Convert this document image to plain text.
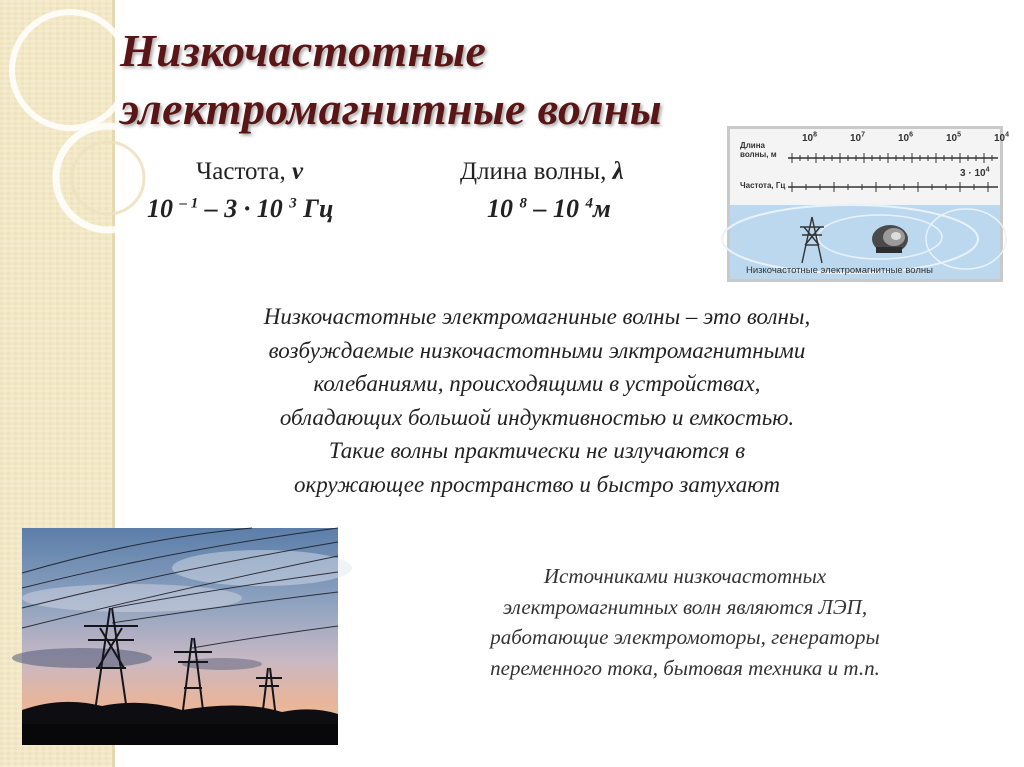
Низкочастотные
электромагнитные волны
Частота, ν
10 $^{- 1}$ – 3 · 10 $^3$ Гц
Длина волны, λ
10 $^8$ – 10 $^4$м
Длина
волны, м
Частота, Гц
$10^8$	$10^7$	$10^6$	$10^5$	$10^4$
$3 \cdot 10^4$
Низкочастотные электромагнитные волны
Низкочастотные электромагниные волны – это волны,
возбуждаемые низкочастотными элктромагнитными
колебаниями, происходящими в устройствах,
обладающих большой индуктивностью и емкостью.
Такие волны практически не излучаются в
окружающее пространство и быстро затухают
Источниками низкочастотных
электромагнитных волн являются ЛЭП,
работающие электромоторы, генераторы
переменного тока, бытовая техника и т.п.
